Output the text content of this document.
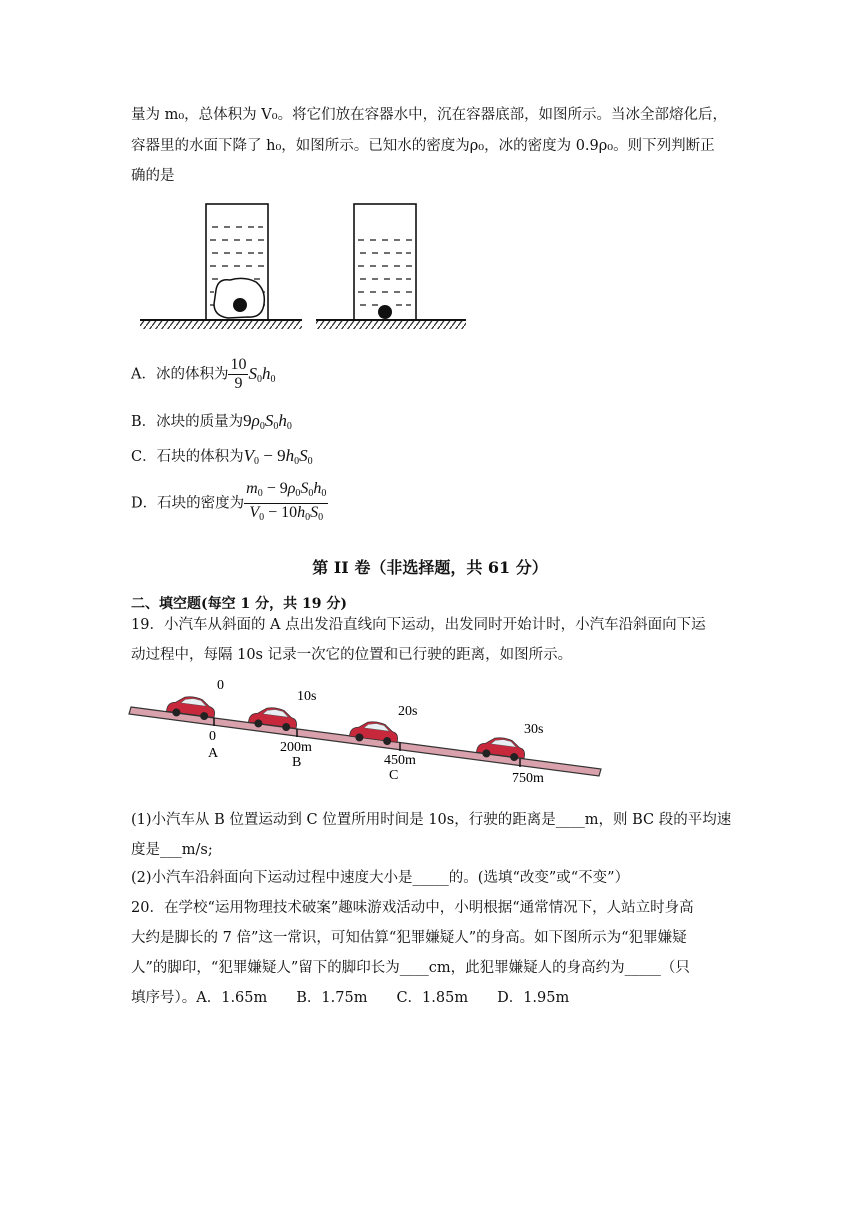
量为 m₀，总体积为 V₀。将它们放在容器水中，沉在容器底部，如图所示。当冰全部熔化后，
容器里的水面下降了 h₀，如图所示。已知水的密度为ρ₀，冰的密度为 0.9ρ₀。则下列判断正
确的是
A．冰的体积为 $\frac{10}{9} S_0h_0$
B．冰块的质量为$9\rho_0S_0h_0$
C．石块的体积为$V_0 - 9h_0S_0$
D．石块的密度为 $\frac{m_0 - 9\rho_0S_0h_0}{V_0 - 10h_0S_0}$
第 II 卷（非选择题，共 61 分）
二、填空题(每空 1 分，共 19 分)
19．小汽车从斜面的 A 点出发沿直线向下运动，出发同时开始计时，小汽车沿斜面向下运
动过程中，每隔 10s 记录一次它的位置和已行驶的距离，如图所示。
0
10s
20s
30s
0
200m
450m
750m
A
B
C
(1)小汽车从 B 位置运动到 C 位置所用时间是 10s，行驶的距离是____m，则 BC 段的平均速
度是___m/s;
(2)小汽车沿斜面向下运动过程中速度大小是_____的。(选填“改变”或“不变”）
20．在学校“运用物理技术破案”趣味游戏活动中，小明根据“通常情况下，人站立时身高
大约是脚长的 7 倍”这一常识，可知估算“犯罪嫌疑人”的身高。如下图所示为“犯罪嫌疑
人”的脚印，“犯罪嫌疑人”留下的脚印长为____cm，此犯罪嫌疑人的身高约为_____（只
填序号）。A．1.65m　　B．1.75m　　C．1.85m　　D．1.95m
